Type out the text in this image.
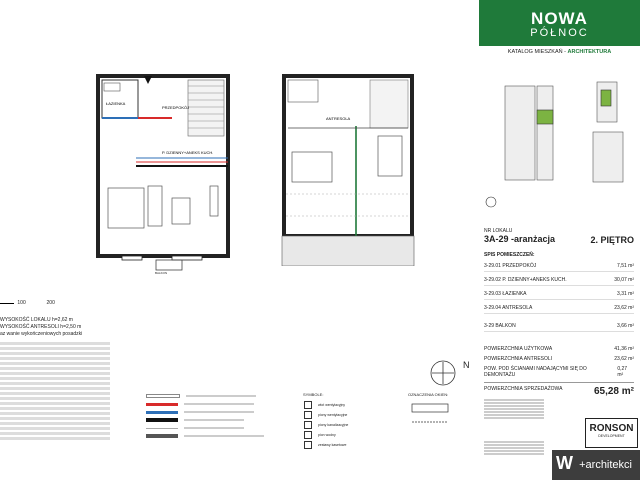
ŁAZIENKA
PRZEDPOKÓJ
P. DZIENNY+ANEKS KUCH.
BALKON
ANTRESOLA
100	200
WYSOKOŚĆ LOKALU h=2,62 m
WYSOKOŚĆ ANTRESOLI h=2,50 m
az wanie wykończeniowych posadzki
SYMBOLE:
wlot wentylacyjny
piony wentylacyjne
piony kanalizacyjne
pion wodny
zestawy kasetowe
OZNACZENIA OKIEN:
N
NOWA
PÓŁNOC
KATALOG MIESZKAŃ - ARCHITEKTURA
NR LOKALU
3A-29 -aranżacja	2. PIĘTRO
SPIS POMIESZCZEŃ:
3-29.01 PRZEDPOKÓJ	7,51 m²
3-29.02 P. DZIENNY+ANEKS KUCH.	30,07 m²
3-29.03 ŁAZIENKA	3,31 m²
3-29.04 ANTRESOLA	23,62 m²
3-29 BALKON	3,66 m²
POWIERZCHNIA UŻYTKOWA	41,36 m²
POWIERZCHNIA ANTRESOLI	23,62 m²
POW. POD ŚCIANAMI NADAJĄCYMI SIĘ DO DEMONTAŻU
0,27 m²
POWIERZCHNIA SPRZEDAŻOWA	65,28 m²
RONSON
DEVELOPMENT
W +architekci
